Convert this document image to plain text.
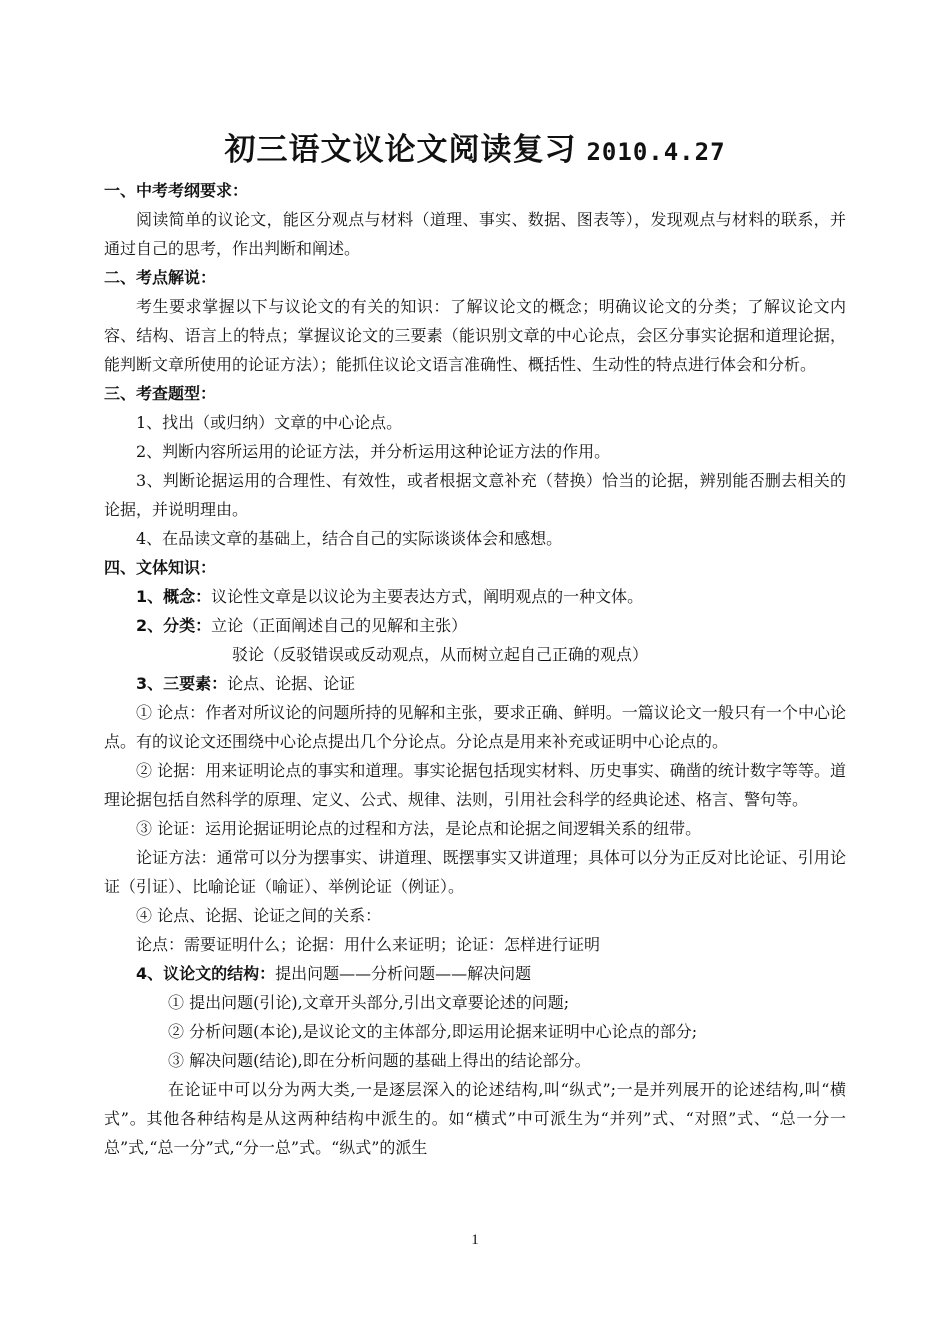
初三语文议论文阅读复习 2010.4.27
一、中考考纲要求：

阅读简单的议论文，能区分观点与材料（道理、事实、数据、图表等），发现观点与材料的联系，并通过自己的思考，作出判断和阐述。

二、考点解说：

考生要求掌握以下与议论文的有关的知识：了解议论文的概念；明确议论文的分类；了解议论文内容、结构、语言上的特点；掌握议论文的三要素（能识别文章的中心论点，会区分事实论据和道理论据，能判断文章所使用的论证方法）；能抓住议论文语言准确性、概括性、生动性的特点进行体会和分析。

三、考查题型：

1、找出（或归纳）文章的中心论点。

2、判断内容所运用的论证方法，并分析运用这种论证方法的作用。

3、判断论据运用的合理性、有效性，或者根据文意补充（替换）恰当的论据，辨别能否删去相关的论据，并说明理由。

4、在品读文章的基础上，结合自己的实际谈谈体会和感想。

四、文体知识：

1、概念：议论性文章是以议论为主要表达方式，阐明观点的一种文体。

2、分类：立论（正面阐述自己的见解和主张）

驳论（反驳错误或反动观点，从而树立起自己正确的观点）

3、三要素：论点、论据、论证

① 论点：作者对所议论的问题所持的见解和主张，要求正确、鲜明。一篇议论文一般只有一个中心论点。有的议论文还围绕中心论点提出几个分论点。分论点是用来补充或证明中心论点的。

② 论据：用来证明论点的事实和道理。事实论据包括现实材料、历史事实、确凿的统计数字等等。道理论据包括自然科学的原理、定义、公式、规律、法则，引用社会科学的经典论述、格言、警句等。

③ 论证：运用论据证明论点的过程和方法，是论点和论据之间逻辑关系的纽带。

论证方法：通常可以分为摆事实、讲道理、既摆事实又讲道理；具体可以分为正反对比论证、引用论证（引证）、比喻论证（喻证）、举例论证（例证）。

④ 论点、论据、论证之间的关系：

论点：需要证明什么；论据：用什么来证明；论证：怎样进行证明

4、议论文的结构：提出问题——分析问题——解决问题

① 提出问题(引论),文章开头部分,引出文章要论述的问题;

② 分析问题(本论),是议论文的主体部分,即运用论据来证明中心论点的部分;

③ 解决问题(结论),即在分析问题的基础上得出的结论部分。

在论证中可以分为两大类,一是逐层深入的论述结构,叫“纵式”;一是并列展开的论述结构,叫“横式”。其他各种结构是从这两种结构中派生的。如“横式”中可派生为“并列”式、“对照”式、“总一分一总”式,“总一分”式,“分一总”式。“纵式”的派生

1
